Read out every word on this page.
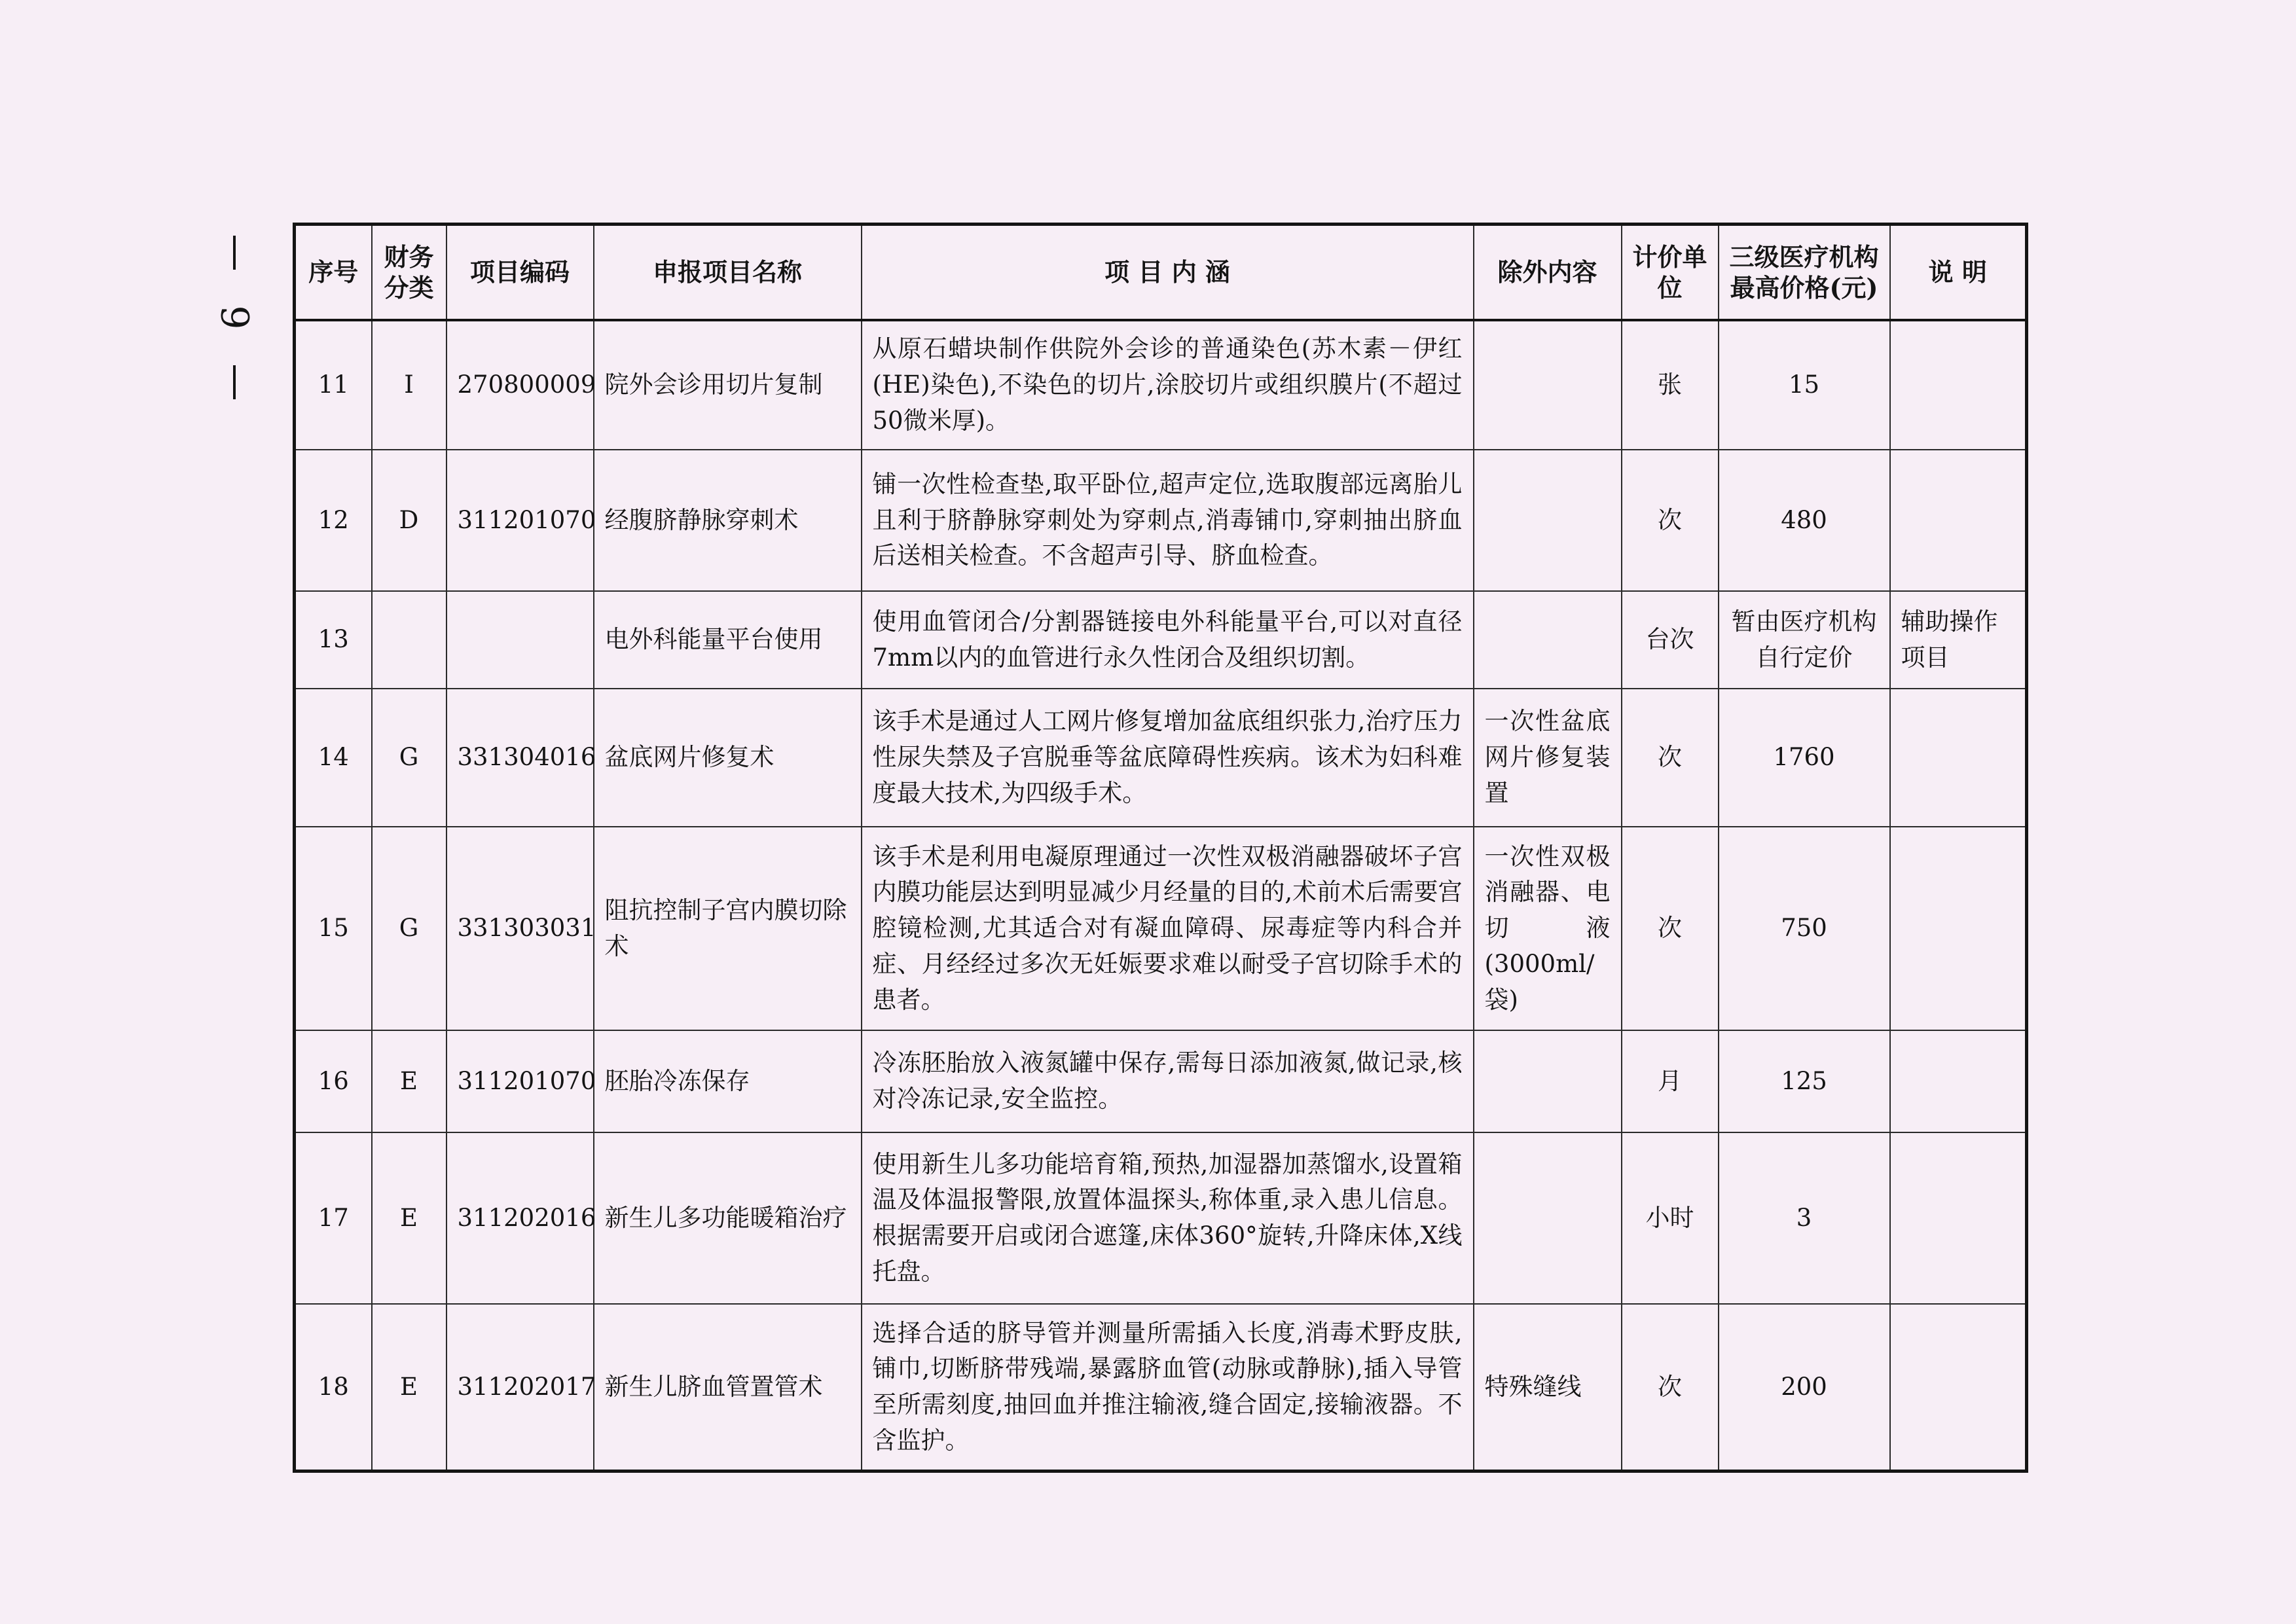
9
序号	财务分类	项目编码	申报项目名称	项 目 内 涵	除外内容	计价单位	三级医疗机构最高价格(元)	说 明
11	I	270800009	院外会诊用切片复制	从原石蜡块制作供院外会诊的普通染色(苏木素－伊红(HE)染色),不染色的切片,涂胶切片或组织膜片(不超过50微米厚)。		张	15	
12	D	311201070	经腹脐静脉穿刺术	铺一次性检查垫,取平卧位,超声定位,选取腹部远离胎儿且利于脐静脉穿刺处为穿刺点,消毒铺巾,穿刺抽出脐血后送相关检查。不含超声引导、脐血检查。		次	480	
13			电外科能量平台使用	使用血管闭合/分割器链接电外科能量平台,可以对直径7mm以内的血管进行永久性闭合及组织切割。		台次	暂由医疗机构自行定价	辅助操作项目
14	G	331304016	盆底网片修复术	该手术是通过人工网片修复增加盆底组织张力,治疗压力性尿失禁及子宫脱垂等盆底障碍性疾病。该术为妇科难度最大技术,为四级手术。	一次性盆底网片修复装置	次	1760	
15	G	331303031	阻抗控制子宫内膜切除术	该手术是利用电凝原理通过一次性双极消融器破坏子宫内膜功能层达到明显减少月经量的目的,术前术后需要宫腔镜检测,尤其适合对有凝血障碍、尿毒症等内科合并症、月经经过多次无妊娠要求难以耐受子宫切除手术的患者。	一次性双极消融器、电切液(3000ml/袋)	次	750	
16	E	311201070	胚胎冷冻保存	冷冻胚胎放入液氮罐中保存,需每日添加液氮,做记录,核对冷冻记录,安全监控。		月	125	
17	E	311202016	新生儿多功能暖箱治疗	使用新生儿多功能培育箱,预热,加湿器加蒸馏水,设置箱温及体温报警限,放置体温探头,称体重,录入患儿信息。根据需要开启或闭合遮篷,床体360°旋转,升降床体,X线托盘。		小时	3	
18	E	311202017	新生儿脐血管置管术	选择合适的脐导管并测量所需插入长度,消毒术野皮肤,铺巾,切断脐带残端,暴露脐血管(动脉或静脉),插入导管至所需刻度,抽回血并推注输液,缝合固定,接输液器。不含监护。	特殊缝线	次	200	
